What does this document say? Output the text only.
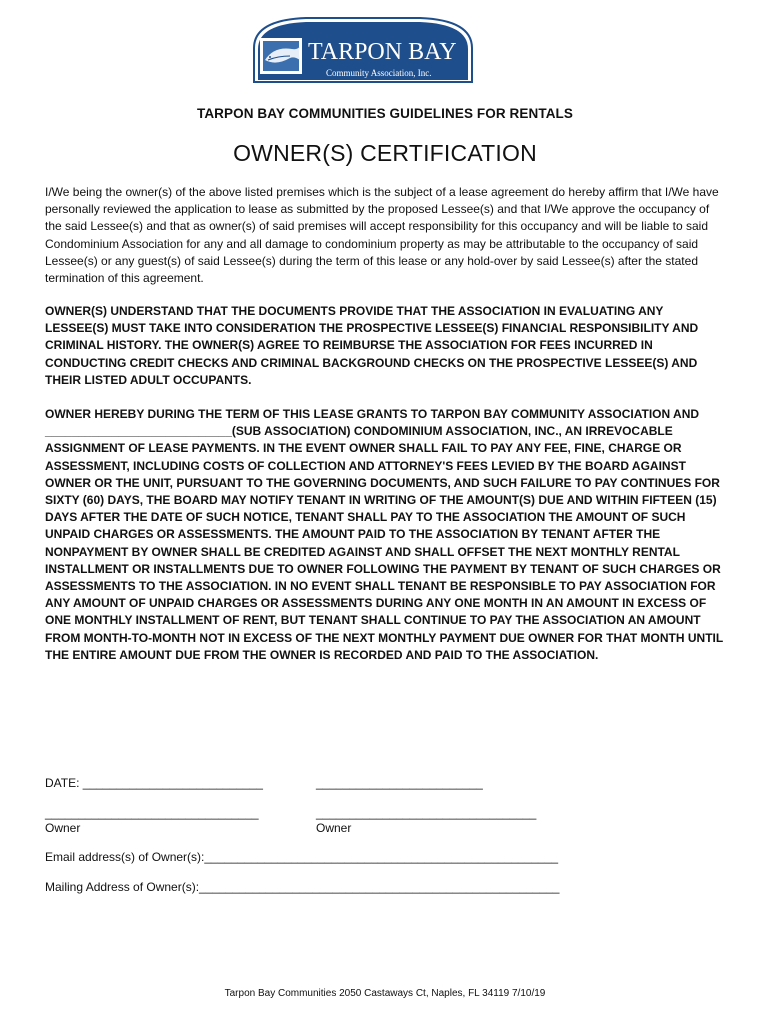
TARPON BAY
Community Association, Inc.
TARPON BAY COMMUNITIES GUIDELINES FOR RENTALS
OWNER(S) CERTIFICATION

I/We being the owner(s) of the above listed premises which is the subject of a lease agreement do hereby affirm that I/We have personally reviewed the application to lease as submitted by the proposed Lessee(s) and that I/We approve the occupancy of the said Lessee(s) and that as owner(s) of said premises will accept responsibility for this occupancy and will be liable to said Condominium Association for any and all damage to condominium property as may be attributable to the occupancy of said Lessee(s) or any guest(s) of said Lessee(s) during the term of this lease or any hold-over by said Lessee(s) after the stated termination of this agreement.

OWNER(S) UNDERSTAND THAT THE DOCUMENTS PROVIDE THAT THE ASSOCIATION IN EVALUATING ANY LESSEE(S) MUST TAKE INTO CONSIDERATION THE PROSPECTIVE LESSEE(S) FINANCIAL RESPONSIBILITY AND CRIMINAL HISTORY. THE OWNER(S) AGREE TO REIMBURSE THE ASSOCIATION FOR FEES INCURRED IN CONDUCTING CREDIT CHECKS AND CRIMINAL BACKGROUND CHECKS ON THE PROSPECTIVE LESSEE(S) AND THEIR LISTED ADULT OCCUPANTS.

OWNER HEREBY DURING THE TERM OF THIS LEASE GRANTS TO TARPON BAY COMMUNITY ASSOCIATION AND ____________________________(SUB ASSOCIATION) CONDOMINIUM ASSOCIATION, INC., AN IRREVOCABLE ASSIGNMENT OF LEASE PAYMENTS. IN THE EVENT OWNER SHALL FAIL TO PAY ANY FEE, FINE, CHARGE OR ASSESSMENT, INCLUDING COSTS OF COLLECTION AND ATTORNEY'S FEES LEVIED BY THE BOARD AGAINST OWNER OR THE UNIT, PURSUANT TO THE GOVERNING DOCUMENTS, AND SUCH FAILURE TO PAY CONTINUES FOR SIXTY (60) DAYS, THE BOARD MAY NOTIFY TENANT IN WRITING OF THE AMOUNT(S) DUE AND WITHIN FIFTEEN (15) DAYS AFTER THE DATE OF SUCH NOTICE, TENANT SHALL PAY TO THE ASSOCIATION THE AMOUNT OF SUCH UNPAID CHARGES OR ASSESSMENTS. THE AMOUNT PAID TO THE ASSOCIATION BY TENANT AFTER THE NONPAYMENT BY OWNER SHALL BE CREDITED AGAINST AND SHALL OFFSET THE NEXT MONTHLY RENTAL INSTALLMENT OR INSTALLMENTS DUE TO OWNER FOLLOWING THE PAYMENT BY TENANT OF SUCH CHARGES OR ASSESSMENTS TO THE ASSOCIATION. IN NO EVENT SHALL TENANT BE RESPONSIBLE TO PAY ASSOCIATION FOR ANY AMOUNT OF UNPAID CHARGES OR ASSESSMENTS DURING ANY ONE MONTH IN AN AMOUNT IN EXCESS OF ONE MONTHLY INSTALLMENT OF RENT, BUT TENANT SHALL CONTINUE TO PAY THE ASSOCIATION AN AMOUNT FROM MONTH-TO-MONTH NOT IN EXCESS OF THE NEXT MONTHLY PAYMENT DUE OWNER FOR THAT MONTH UNTIL THE ENTIRE AMOUNT DUE FROM THE OWNER IS RECORDED AND PAID TO THE ASSOCIATION.

DATE: ___________________________	_________________________
________________________________	_________________________________
Owner	Owner
Email address(s) of Owner(s):_____________________________________________________
Mailing Address of Owner(s):______________________________________________________
Tarpon Bay Communities 2050 Castaways Ct, Naples, FL 34119 7/10/19
